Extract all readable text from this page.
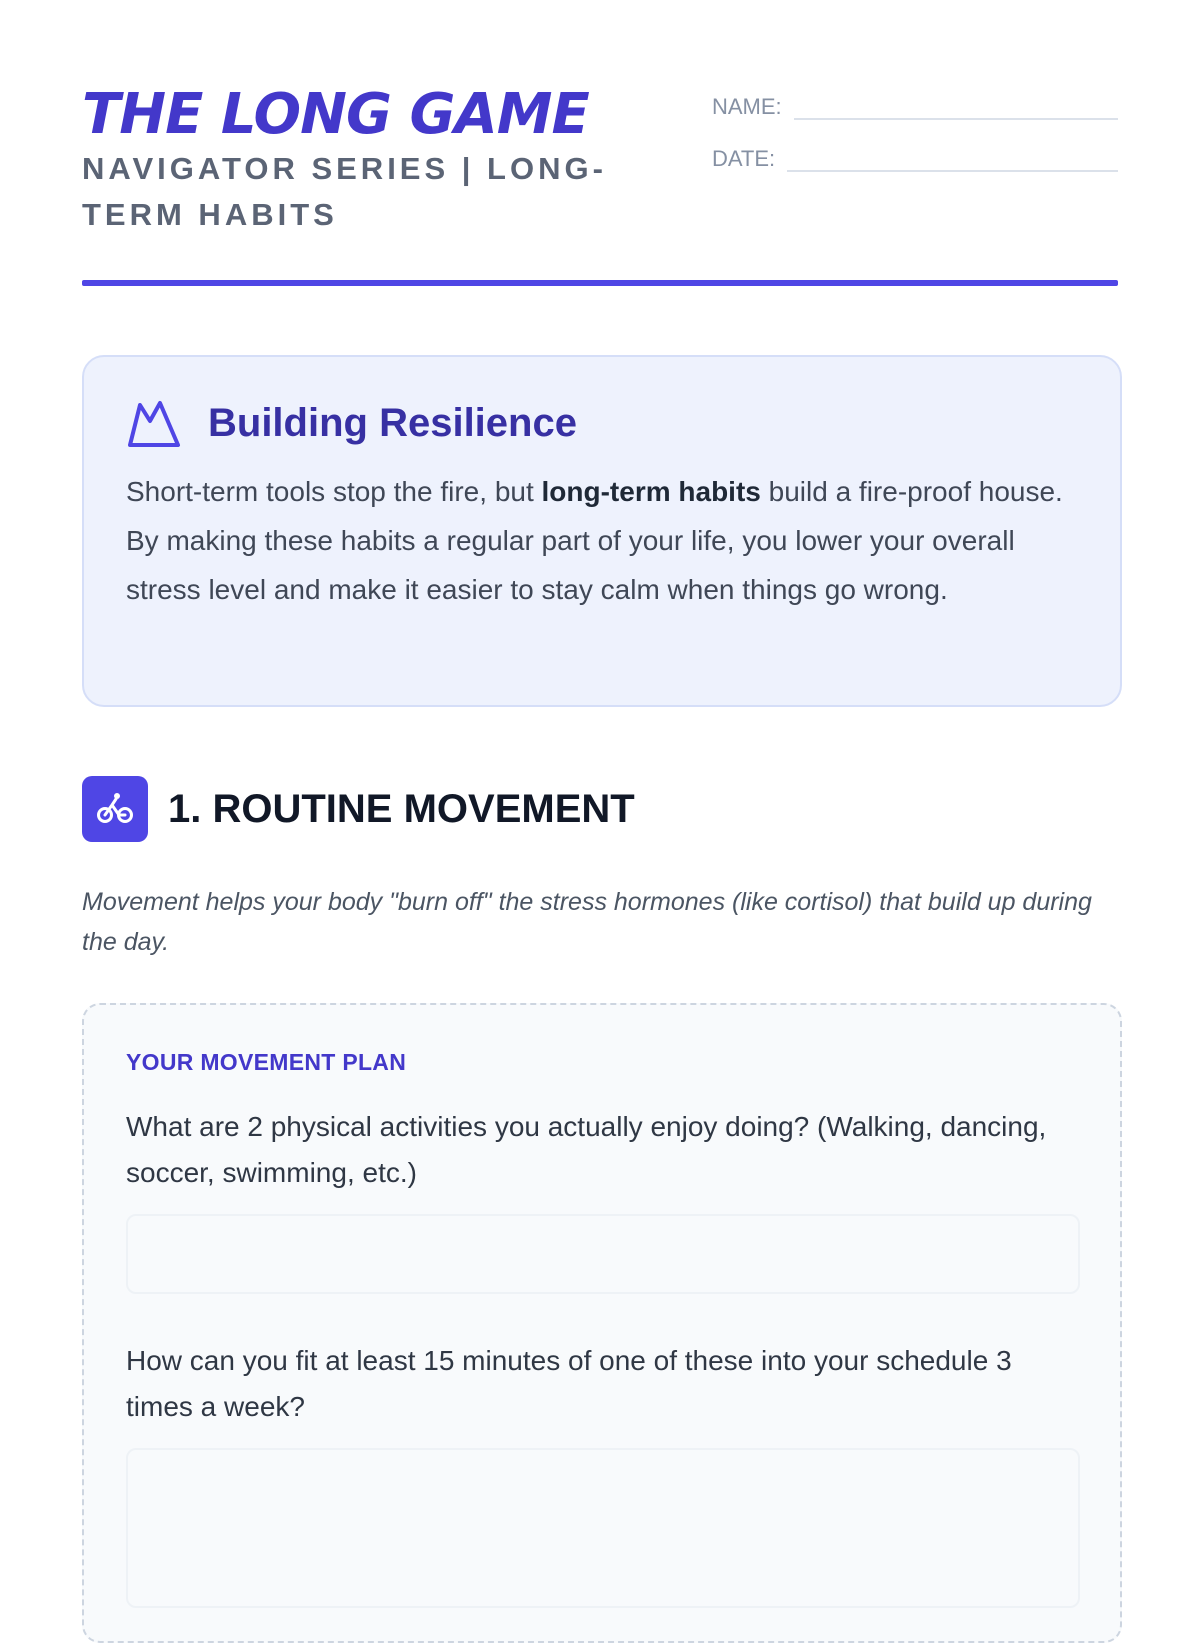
THE LONG GAME

NAVIGATOR SERIES | LONG-TERM HABITS

NAME:
DATE:
Building Resilience

Short-term tools stop the fire, but long-term habits build a fire-proof house. By making these habits a regular part of your life, you lower your overall stress level and make it easier to stay calm when things go wrong.

1. ROUTINE MOVEMENT

Movement helps your body "burn off" the stress hormones (like cortisol) that build up during the day.

YOUR MOVEMENT PLAN

What are 2 physical activities you actually enjoy doing? (Walking, dancing, soccer, swimming, etc.)

How can you fit at least 15 minutes of one of these into your schedule 3 times a week?
